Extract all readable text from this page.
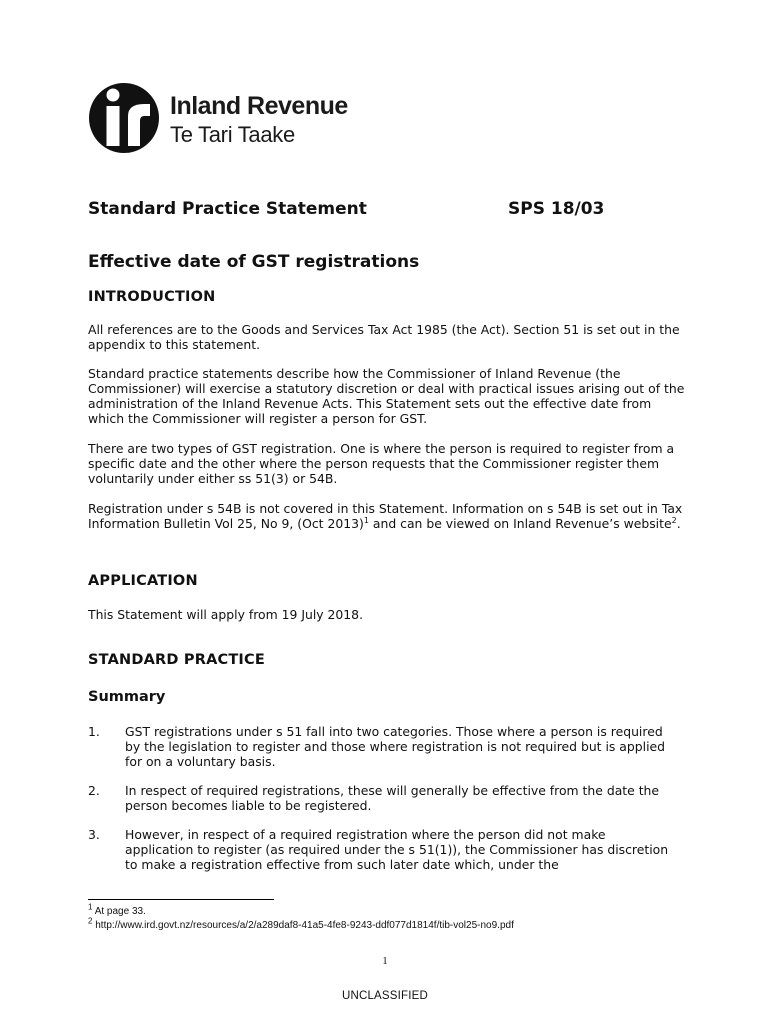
Inland Revenue
Te Tari Taake
Standard Practice Statement	SPS 18/03
Effective date of GST registrations
INTRODUCTION

All references are to the Goods and Services Tax Act 1985 (the Act). Section 51 is set out in the appendix to this statement.

Standard practice statements describe how the Commissioner of Inland Revenue (the Commissioner) will exercise a statutory discretion or deal with practical issues arising out of the administration of the Inland Revenue Acts. This Statement sets out the effective date from which the Commissioner will register a person for GST.

There are two types of GST registration. One is where the person is required to register from a specific date and the other where the person requests that the Commissioner register them voluntarily under either ss 51(3) or 54B.

Registration under s 54B is not covered in this Statement. Information on s 54B is set out in Tax Information Bulletin Vol 25, No 9, (Oct 2013)$^1$ and can be viewed on Inland Revenue’s website$^2$.

APPLICATION

This Statement will apply from 19 July 2018.

STANDARD PRACTICE
Summary
1. GST registrations under s 51 fall into two categories. Those where a person is required by the legislation to register and those where registration is not required but is applied for on a voluntary basis.
2. In respect of required registrations, these will generally be effective from the date the person becomes liable to be registered.
3. However, in respect of a required registration where the person did not make application to register (as required under the s 51(1)), the Commissioner has discretion to make a registration effective from such later date which, under the
$^1$ At page 33.
$^2$ http://www.ird.govt.nz/resources/a/2/a289daf8-41a5-4fe8-9243-ddf077d1814f/tib-vol25-no9.pdf
1
UNCLASSIFIED
